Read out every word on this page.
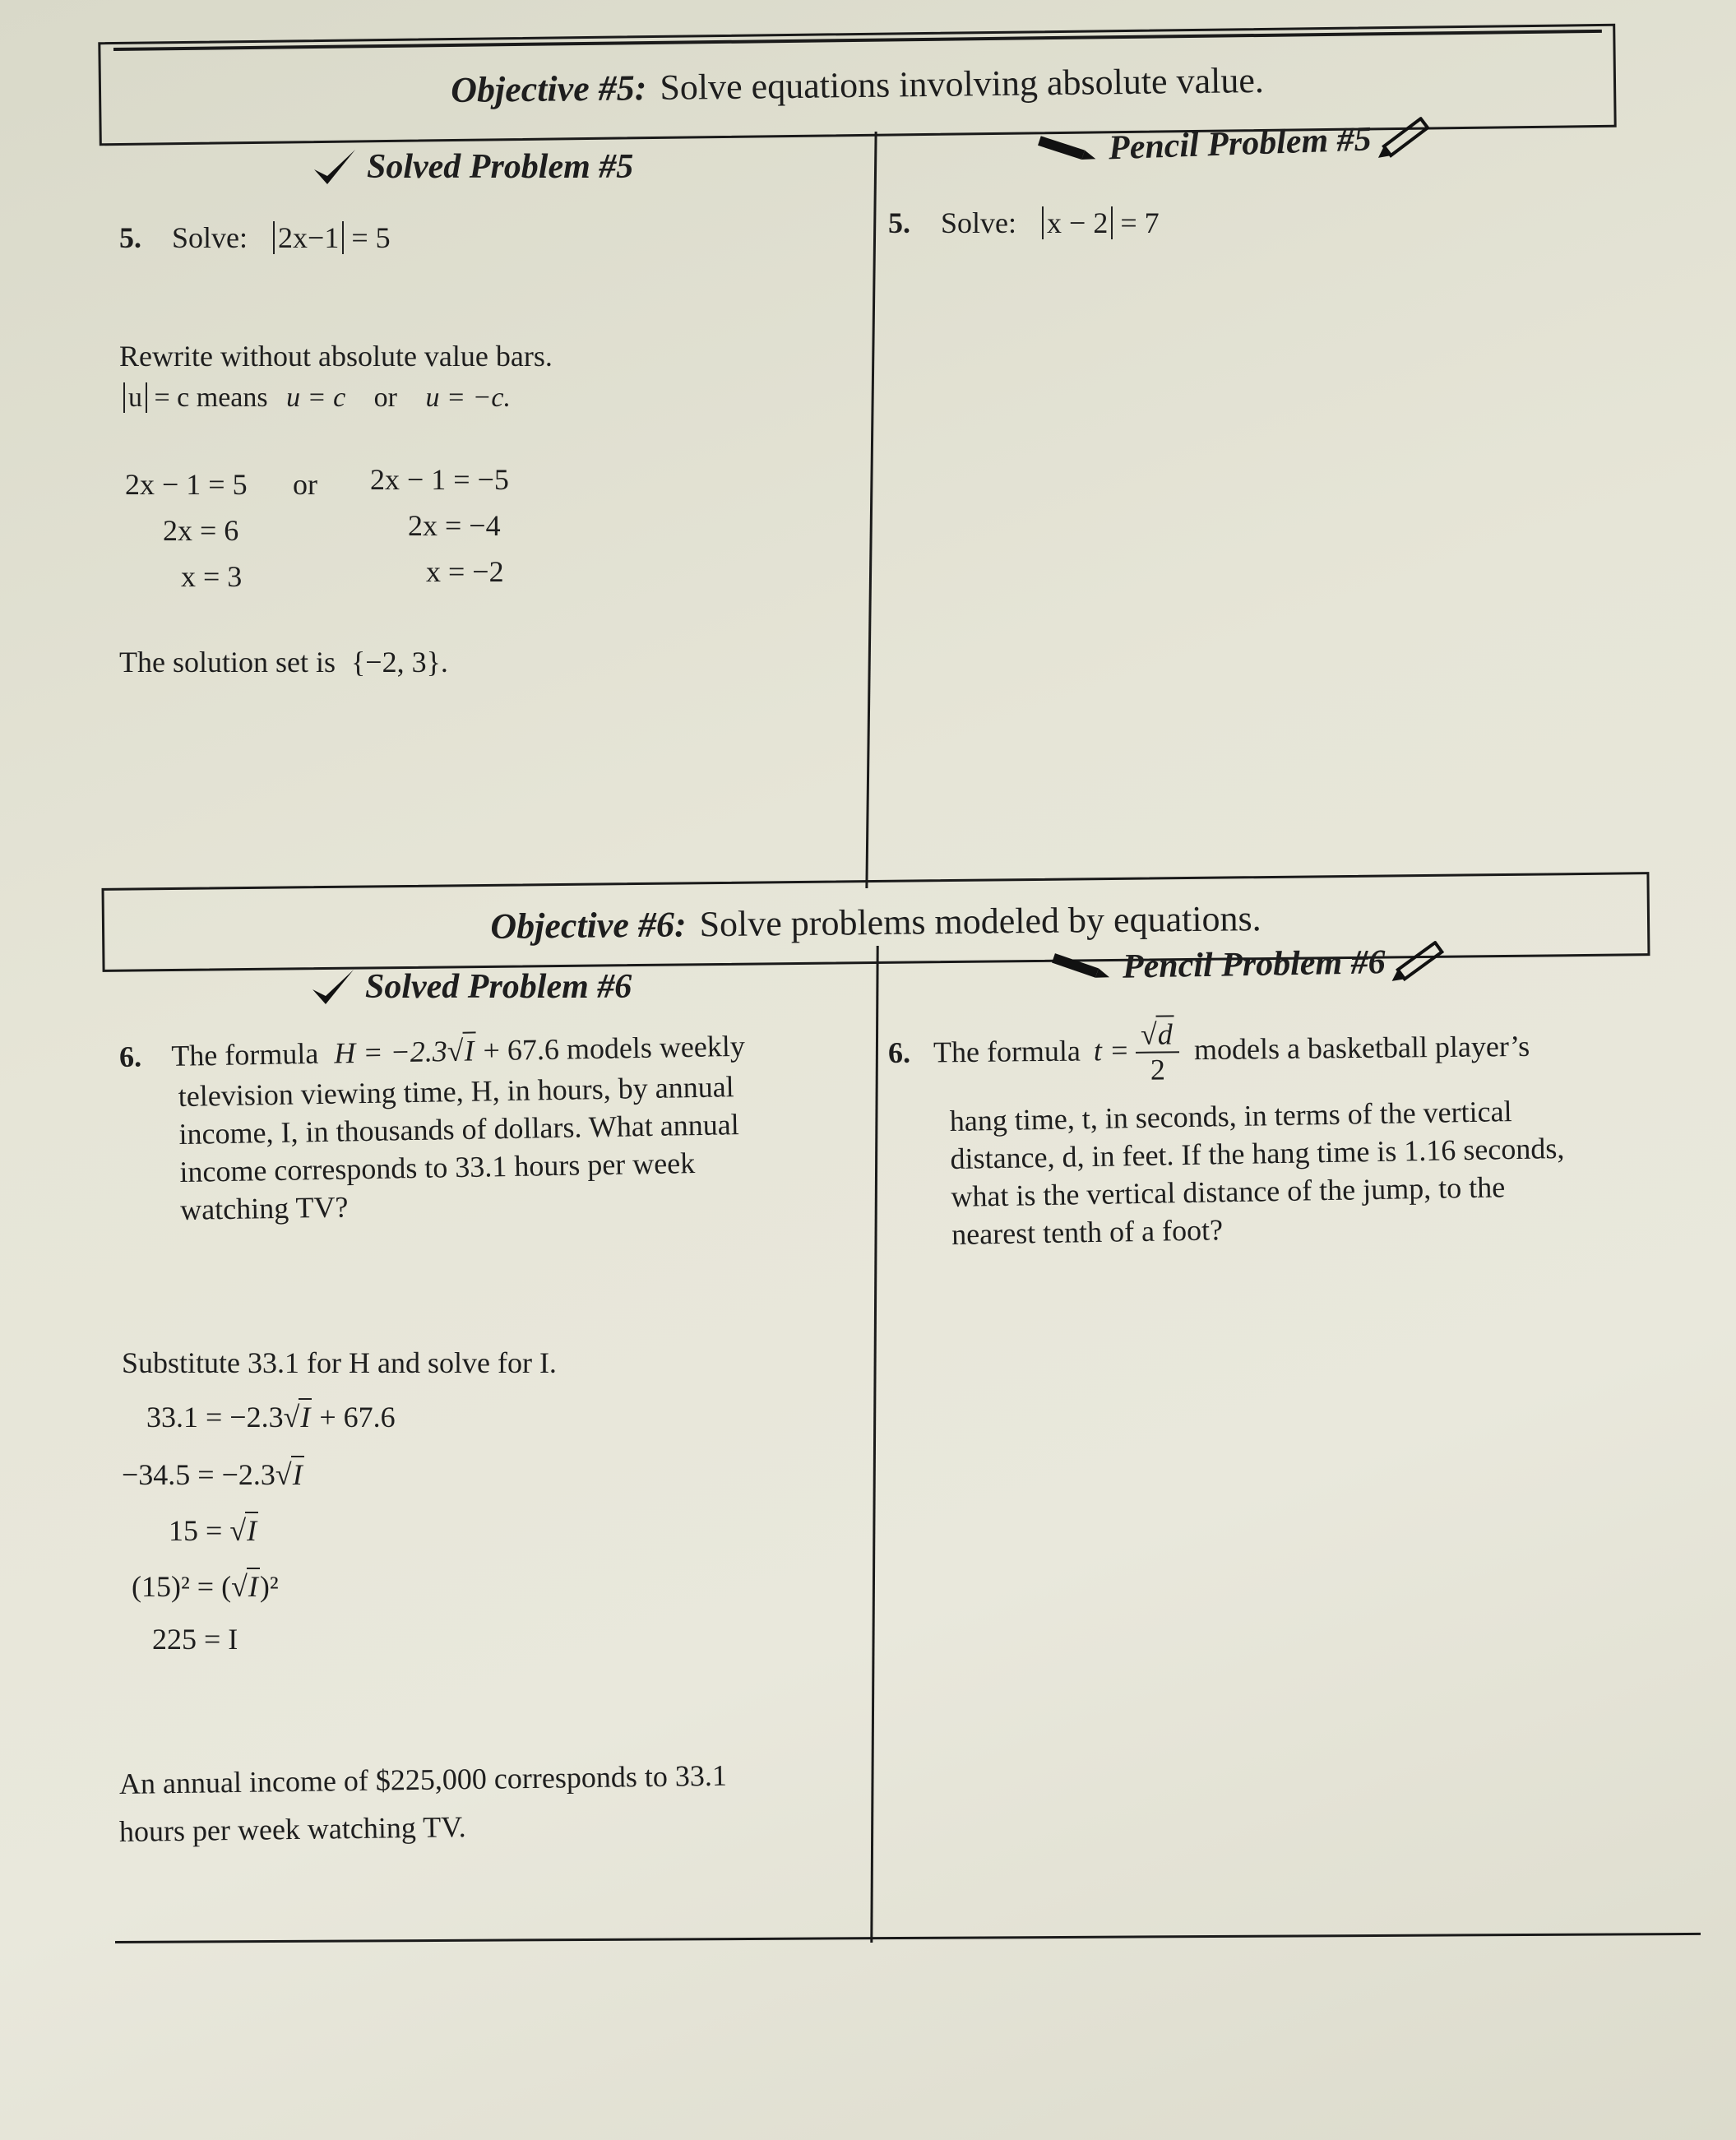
Objective #5: Solve equations involving absolute value.
Solved Problem #5	Pencil Problem #5
5. Solve: 2x−1 = 5
Rewrite without absolute value bars.
u = c means u = c or u = −c.
2x − 1 = 5 or 2x − 1 = −5
2x = 6	2x = −4
x = 3	x = −2
The solution set is {−2, 3}.
5. Solve: x − 2 = 7
Objective #6: Solve problems modeled by equations.
Solved Problem #6
Pencil Problem #6
6. The formula H = −2.3√I + 67.6 models weekly
television viewing time, H, in hours, by annual
income, I, in thousands of dollars. What annual
income corresponds to 33.1 hours per week
watching TV?
Substitute 33.1 for H and solve for I.
33.1 = −2.3√I + 67.6
−34.5 = −2.3√I
15 = √I
(15)² = (√I)²
225 = I
An annual income of $225,000 corresponds to 33.1
hours per week watching TV.
6. The formula $t = \frac{√d}{2}$ models a basketball player’s
hang time, t, in seconds, in terms of the vertical
distance, d, in feet. If the hang time is 1.16 seconds,
what is the vertical distance of the jump, to the
nearest tenth of a foot?
